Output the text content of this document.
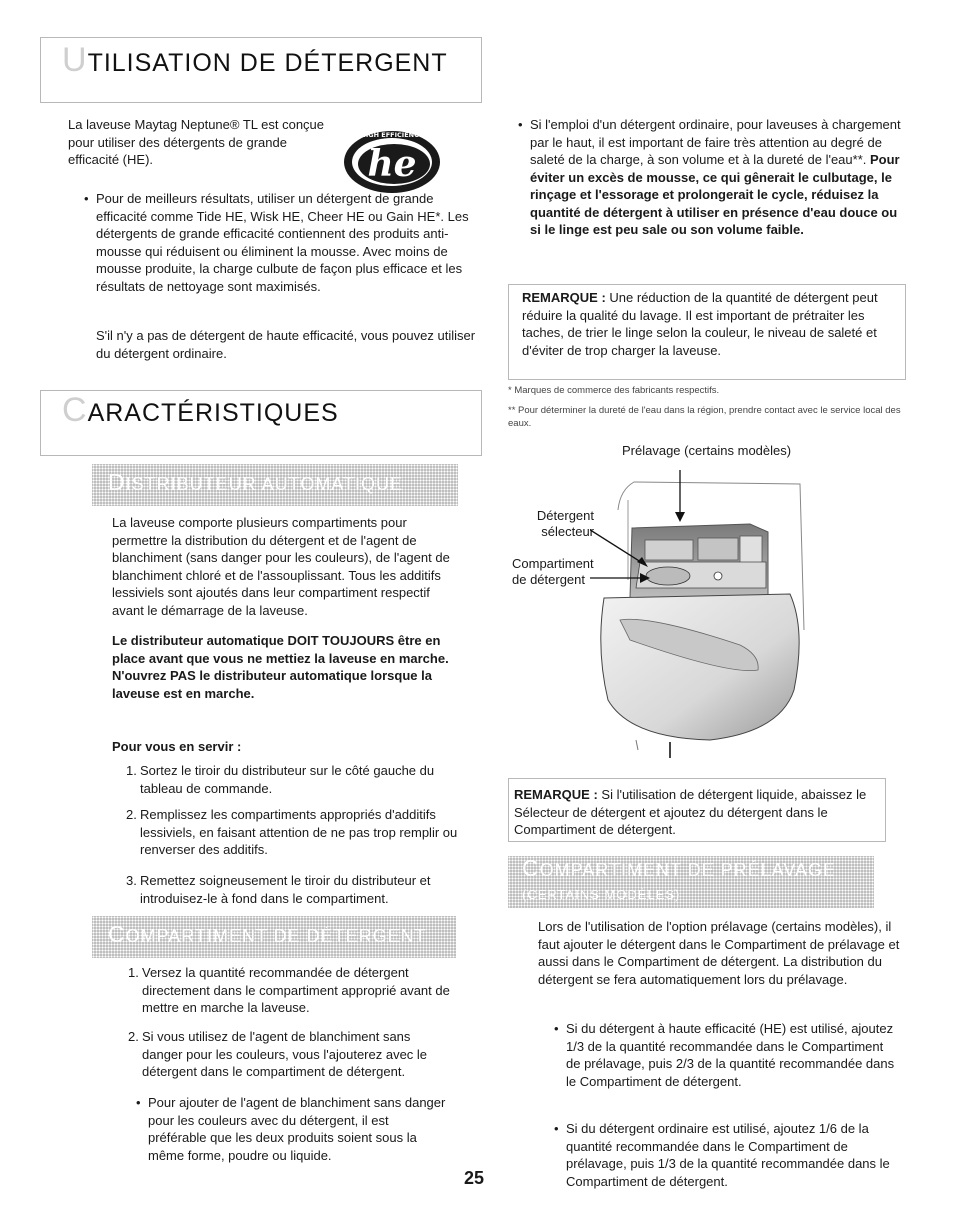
UTILISATION DE DÉTERGENT

La laveuse Maytag Neptune® TL est conçue pour utiliser des détergents de grande efficacité (HE).	he
HIGH EFFICIENCY
• Pour de meilleurs résultats, utiliser un détergent de grande efficacité comme Tide HE, Wisk HE, Cheer HE ou Gain HE*. Les détergents de grande efficacité contiennent des produits anti-mousse qui réduisent ou éliminent la mousse. Avec moins de mousse produite, la charge culbute de façon plus efficace et les résultats de nettoyage sont maximisés.

S'il n'y a pas de détergent de haute efficacité, vous pouvez utiliser du détergent ordinaire.

• Si l'emploi d'un détergent ordinaire, pour laveuses à chargement par le haut, il est important de faire très attention au degré de saleté de la charge, à son volume et à la dureté de l'eau**. Pour éviter un excès de mousse, ce qui gênerait le culbutage, le rinçage et l'essorage et prolongerait le cycle, réduisez la quantité de détergent à utiliser en présence d'eau douce ou si le linge est peu sale ou son volume faible.

REMARQUE : Une réduction de la quantité de détergent peut réduire la qualité du lavage. Il est important de prétraiter les taches, de trier le linge selon la couleur, le niveau de saleté et d'éviter de trop charger la laveuse.

* Marques de commerce des fabricants respectifs.

** Pour déterminer la dureté de l'eau dans la région, prendre contact avec le service local des eaux.

CARACTÉRISTIQUES
DISTRIBUTEUR AUTOMATIQUE

La laveuse comporte plusieurs compartiments pour permettre la distribution du détergent et de l'agent de blanchiment (sans danger pour les couleurs), de l'agent de blanchiment chloré et de l'assouplissant. Tous les additifs lessiviels sont ajoutés dans leur compartiment respectif avant le démarrage de la laveuse.

Le distributeur automatique DOIT TOUJOURS être en place avant que vous ne mettiez la laveuse en marche. N'ouvrez PAS le distributeur automatique lorsque la laveuse est en marche.

Pour vous en servir :

1. Sortez le tiroir du distributeur sur le côté gauche du tableau de commande.

2. Remplissez les compartiments appropriés d'additifs lessiviels, en faisant attention de ne pas trop remplir ou renverser des additifs.

3. Remettez soigneusement le tiroir du distributeur et introduisez-le à fond dans le compartiment.

COMPARTIMENT DE DÉTERGENT
1. Versez la quantité recommandée de détergent directement dans le compartiment approprié avant de mettre en marche la laveuse.

2. Si vous utilisez de l'agent de blanchiment sans danger pour les couleurs, vous l'ajouterez avec le détergent dans le compartiment de détergent.

• Pour ajouter de l'agent de blanchiment sans danger pour les couleurs avec du détergent, il est préférable que les deux produits soient sous la même forme, poudre ou liquide.

Prélavage (certains modèles)
Détergent
sélecteur
Compartiment
de détergent

REMARQUE : Si l'utilisation de détergent liquide, abaissez le Sélecteur de détergent et ajoutez du détergent dans le Compartiment de détergent.

COMPARTIMENT DE PRÉLAVAGE
(CERTAINS MODÈLES)

Lors de l'utilisation de l'option prélavage (certains modèles), il faut ajouter le détergent dans le Compartiment de prélavage et aussi dans le Compartiment de détergent. La distribution du détergent se fera automatiquement lors du prélavage.

• Si du détergent à haute efficacité (HE) est utilisé, ajoutez 1/3 de la quantité recommandée dans le Compartiment de prélavage, puis 2/3 de la quantité recommandée dans le Compartiment de détergent.

• Si du détergent ordinaire est utilisé, ajoutez 1/6 de la quantité recommandée dans le Compartiment de prélavage, puis 1/3 de la quantité recommandée dans le Compartiment de détergent.

25
